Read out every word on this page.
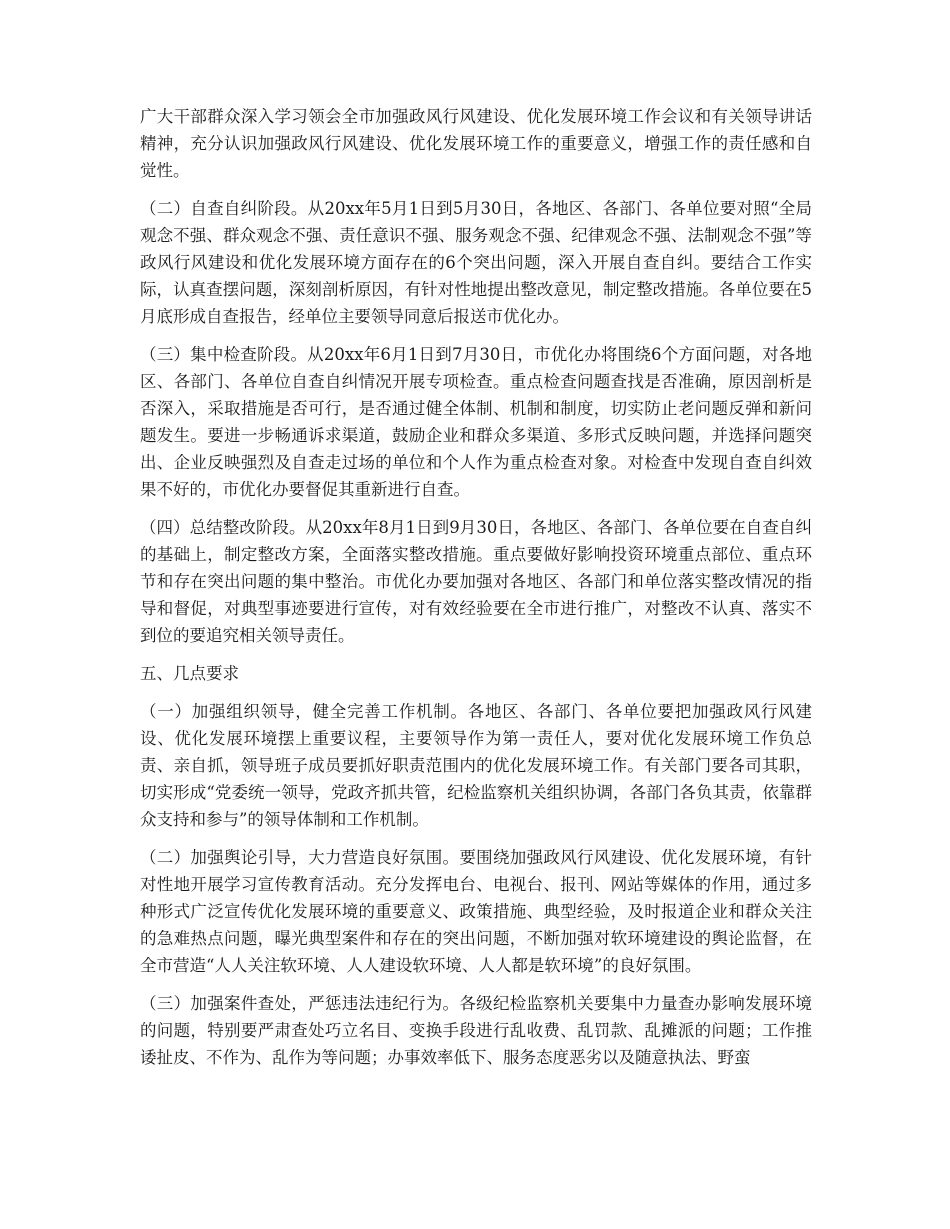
广大干部群众深入学习领会全市加强政风行风建设、优化发展环境工作会议和有关领导讲话精神，充分认识加强政风行风建设、优化发展环境工作的重要意义，增强工作的责任感和自觉性。

（二）自查自纠阶段。从20xx年5月1日到5月30日，各地区、各部门、各单位要对照“全局观念不强、群众观念不强、责任意识不强、服务观念不强、纪律观念不强、法制观念不强”等政风行风建设和优化发展环境方面存在的6个突出问题，深入开展自查自纠。要结合工作实际，认真查摆问题，深刻剖析原因，有针对性地提出整改意见，制定整改措施。各单位要在5月底形成自查报告，经单位主要领导同意后报送市优化办。

（三）集中检查阶段。从20xx年6月1日到7月30日，市优化办将围绕6个方面问题，对各地区、各部门、各单位自查自纠情况开展专项检查。重点检查问题查找是否准确，原因剖析是否深入，采取措施是否可行，是否通过健全体制、机制和制度，切实防止老问题反弹和新问题发生。要进一步畅通诉求渠道，鼓励企业和群众多渠道、多形式反映问题，并选择问题突出、企业反映强烈及自查走过场的单位和个人作为重点检查对象。对检查中发现自查自纠效果不好的，市优化办要督促其重新进行自查。

（四）总结整改阶段。从20xx年8月1日到9月30日，各地区、各部门、各单位要在自查自纠的基础上，制定整改方案，全面落实整改措施。重点要做好影响投资环境重点部位、重点环节和存在突出问题的集中整治。市优化办要加强对各地区、各部门和单位落实整改情况的指导和督促，对典型事迹要进行宣传，对有效经验要在全市进行推广，对整改不认真、落实不到位的要追究相关领导责任。

五、几点要求

（一）加强组织领导，健全完善工作机制。各地区、各部门、各单位要把加强政风行风建设、优化发展环境摆上重要议程，主要领导作为第一责任人，要对优化发展环境工作负总责、亲自抓，领导班子成员要抓好职责范围内的优化发展环境工作。有关部门要各司其职，切实形成“党委统一领导，党政齐抓共管，纪检监察机关组织协调，各部门各负其责，依靠群众支持和参与”的领导体制和工作机制。

（二）加强舆论引导，大力营造良好氛围。要围绕加强政风行风建设、优化发展环境，有针对性地开展学习宣传教育活动。充分发挥电台、电视台、报刊、网站等媒体的作用，通过多种形式广泛宣传优化发展环境的重要意义、政策措施、典型经验，及时报道企业和群众关注的急难热点问题，曝光典型案件和存在的突出问题，不断加强对软环境建设的舆论监督，在全市营造“人人关注软环境、人人建设软环境、人人都是软环境”的良好氛围。

（三）加强案件查处，严惩违法违纪行为。各级纪检监察机关要集中力量查办影响发展环境的问题，特别要严肃查处巧立名目、变换手段进行乱收费、乱罚款、乱摊派的问题；工作推诿扯皮、不作为、乱作为等问题；办事效率低下、服务态度恶劣以及随意执法、野蛮
